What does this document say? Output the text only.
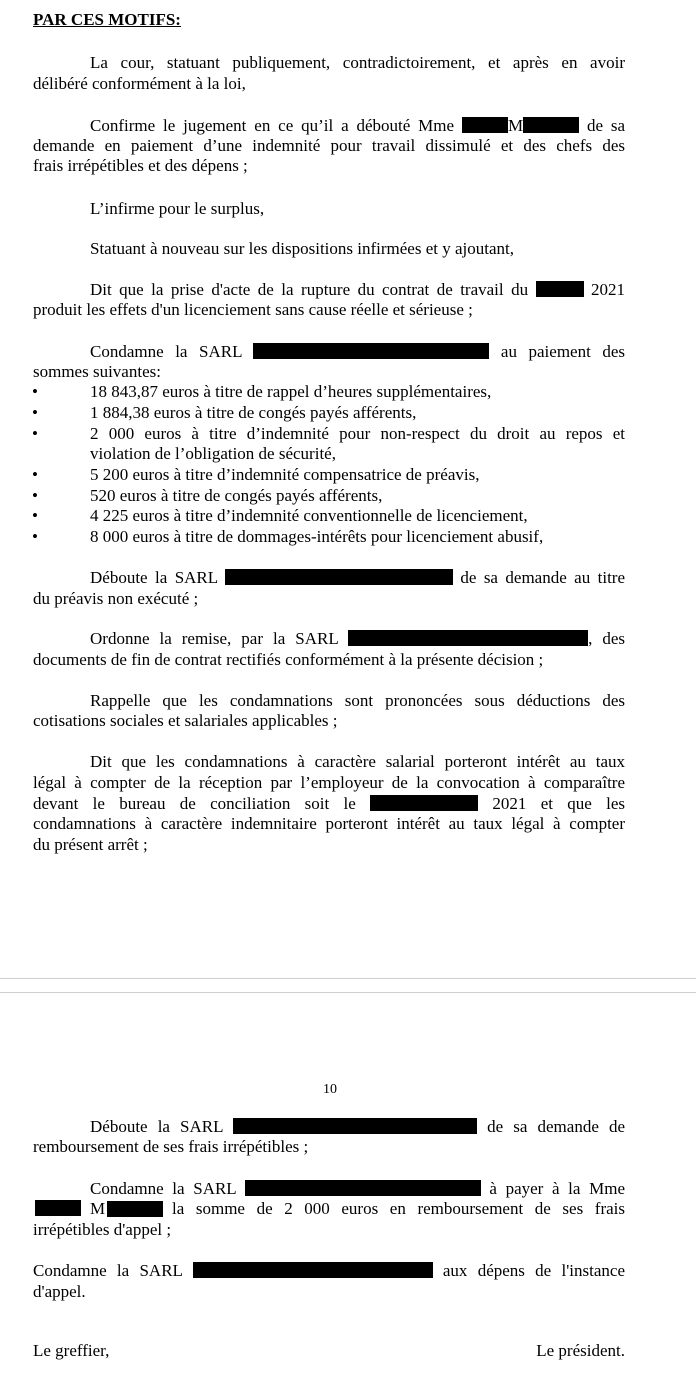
PAR CES MOTIFS:
La cour, statuant publiquement, contradictoirement, et après en avoir
délibéré conformément à la loi,
Confirme le jugement en ce qu’il a débouté Mme	M	de sa
demande en paiement d’une indemnité pour travail dissimulé et des chefs des
frais irrépétibles et des dépens ;
L’infirme pour le surplus,
Statuant à nouveau sur les dispositions infirmées et y ajoutant,
Dit que la prise d'acte de la rupture du contrat de travail du	2021
produit les effets d'un licenciement sans cause réelle et sérieuse ;
Condamne la SARL	au paiement des
sommes suivantes:
•	18 843,87 euros à titre de rappel d’heures supplémentaires,
•	1 884,38 euros à titre de congés payés afférents,
•	2 000 euros à titre d’indemnité pour non-respect du droit au repos et
violation de l’obligation de sécurité,
•	5 200 euros à titre d’indemnité compensatrice de préavis,
•	520 euros à titre de congés payés afférents,
•	4 225 euros à titre d’indemnité conventionnelle de licenciement,
•	8 000 euros à titre de dommages-intérêts pour licenciement abusif,
Déboute la SARL	de sa demande au titre
du préavis non exécuté ;
Ordonne la remise, par la SARL	, des
documents de fin de contrat rectifiés conformément à la présente décision ;
Rappelle que les condamnations sont prononcées sous déductions des
cotisations sociales et salariales applicables ;
Dit que les condamnations à caractère salarial porteront intérêt au taux
légal à compter de la réception par l’employeur de la convocation à comparaître
devant le bureau de conciliation soit le	2021 et que les
condamnations à caractère indemnitaire porteront intérêt au taux légal à compter
du présent arrêt ;
10
Déboute la SARL	de sa demande de
remboursement de ses frais irrépétibles ;
Condamne la SARL	à payer à la Mme
M	la somme de 2 000 euros en remboursement de ses frais
irrépétibles d'appel ;
Condamne la SARL	aux dépens de l'instance
d'appel.
Le greffier,	Le président.
